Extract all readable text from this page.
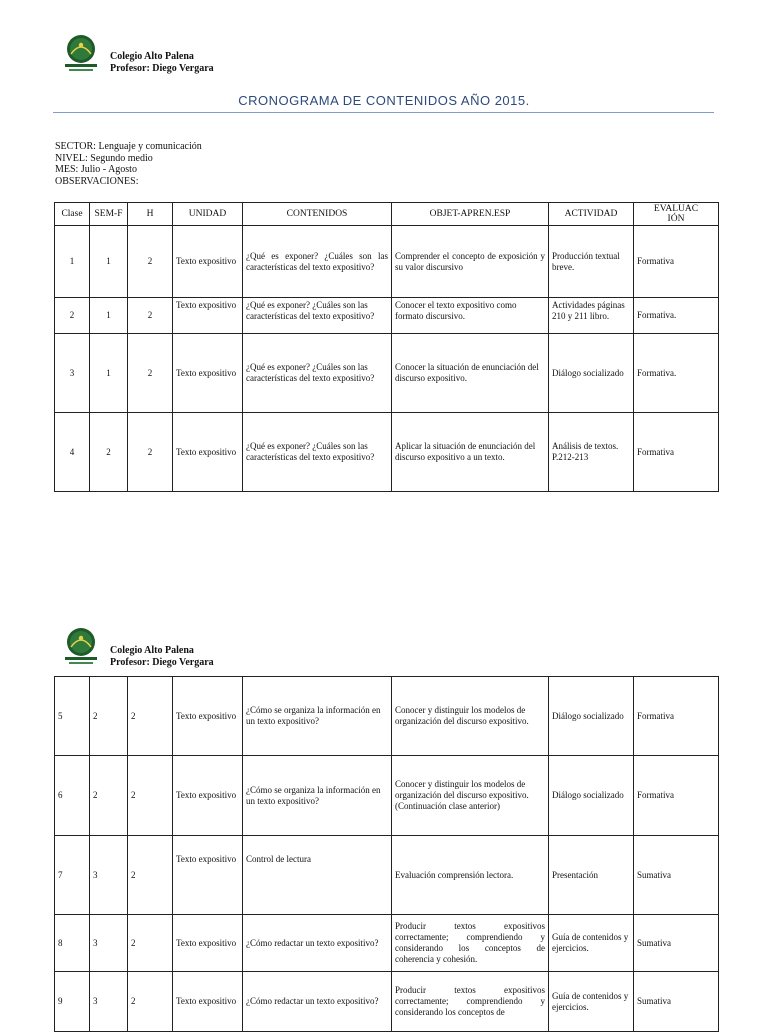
Colegio Alto Palena
Profesor: Diego Vergara
CRONOGRAMA DE CONTENIDOS AÑO 2015.
SECTOR: Lenguaje y comunicación
NIVEL: Segundo medio
MES: Julio - Agosto
OBSERVACIONES:
Clase	SEM-F	H	UNIDAD	CONTENIDOS	OBJET-APREN.ESP	ACTIVIDAD	EVALUAC
IÓN

1	1	2	Texto expositivo	¿Qué es exponer? ¿Cuáles son las características del texto expositivo?	Comprender el concepto de exposición y su valor discursivo	Producción textual breve.	Formativa
2	1	2	Texto expositivo	¿Qué es exponer? ¿Cuáles son las características del texto expositivo?	Conocer el texto expositivo como formato discursivo.	Actividades páginas 210 y 211 libro.	Formativa.
3	1	2	Texto expositivo	¿Qué es exponer? ¿Cuáles son las características del texto expositivo?	Conocer la situación de enunciación del discurso expositivo.	Diálogo socializado	Formativa.
4	2	2	Texto expositivo	¿Qué es exponer? ¿Cuáles son las características del texto expositivo?	Aplicar la situación de enunciación del discurso expositivo a un texto.	Análisis de textos. P.212-213	Formativa
Colegio Alto Palena
Profesor: Diego Vergara
5	2	2	Texto expositivo	¿Cómo se organiza la información en un texto expositivo?	Conocer y distinguir los modelos de organización del discurso expositivo.	Diálogo socializado	Formativa
6	2	2	Texto expositivo	¿Cómo se organiza la información en un texto expositivo?	Conocer y distinguir los modelos de organización del discurso expositivo. (Continuación clase anterior)	Diálogo socializado	Formativa
7	3	2	Texto expositivo	Control de lectura	Evaluación comprensión lectora.	Presentación	Sumativa
8	3	2	Texto expositivo	¿Cómo redactar un texto expositivo?	Producir textos expositivos correctamente; comprendiendo y considerando los conceptos de coherencia y cohesión.	Guía de contenidos y ejercicios.	Sumativa
9	3	2	Texto expositivo	¿Cómo redactar un texto expositivo?	Producir textos expositivos correctamente; comprendiendo y considerando los conceptos de	Guía de contenidos y ejercicios.	Sumativa
